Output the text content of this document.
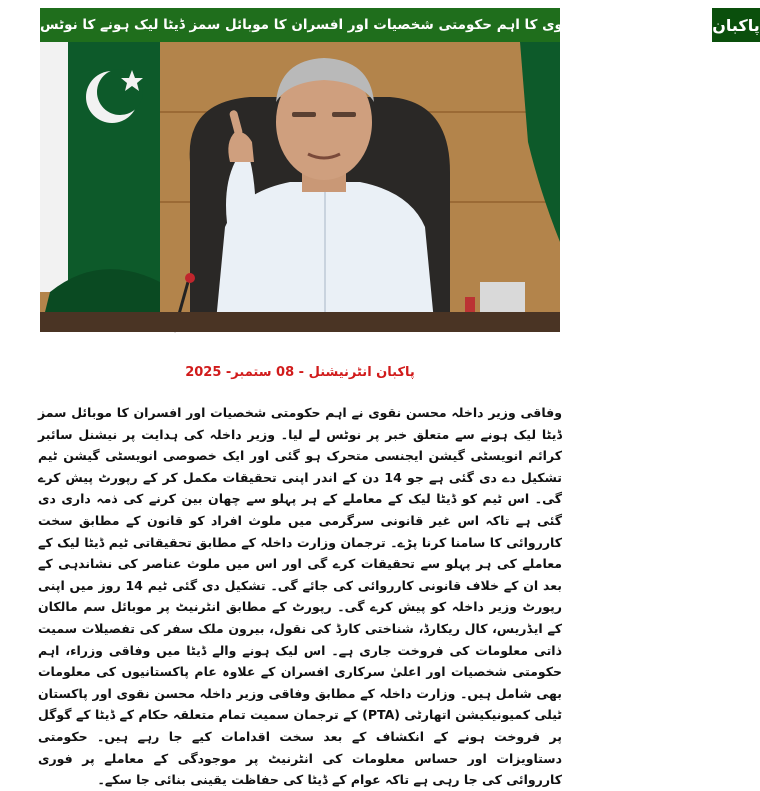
وزیر داخلہ محسن نقوی کا اہم حکومتی شخصیات اور افسران کا موبائل سمز ڈیٹا لیک ہونے کا نوٹس پاکبان
پاکبان انٹرنیشنل - 08 ستمبر- 2025
وفاقی وزیر داخلہ محسن نقوی نے اہم حکومتی شخصیات اور افسران کا موبائل سمز ڈیٹا لیک ہونے سے متعلق خبر پر نوٹس لے لیا۔ وزیر داخلہ کی ہدایت پر نیشنل سائبر کرائم انویسٹی گیشن ایجنسی متحرک ہو گئی اور ایک خصوصی انویسٹی گیشن ٹیم تشکیل دے دی گئی ہے جو 14 دن کے اندر اپنی تحقیقات مکمل کر کے رپورٹ پیش کرے گی۔ اس ٹیم کو ڈیٹا لیک کے معاملے کے ہر پہلو سے چھان بین کرنے کی ذمہ داری دی گئی ہے تاکہ اس غیر قانونی سرگرمی میں ملوث افراد کو قانون کے مطابق سخت کارروائی کا سامنا کرنا پڑے۔ ترجمان وزارت داخلہ کے مطابق تحقیقاتی ٹیم ڈیٹا لیک کے معاملے کی ہر پہلو سے تحقیقات کرے گی اور اس میں ملوث عناصر کی نشاندہی کے بعد ان کے خلاف قانونی کارروائی کی جائے گی۔ تشکیل دی گئی ٹیم 14 روز میں اپنی رپورٹ وزیر داخلہ کو پیش کرے گی۔ رپورٹ کے مطابق انٹرنیٹ پر موبائل سم مالکان کے ایڈریس، کال ریکارڈ، شناختی کارڈ کی نقول، بیرون ملک سفر کی تفصیلات سمیت ذاتی معلومات کی فروخت جاری ہے۔ اس لیک ہونے والے ڈیٹا میں وفاقی وزراء، اہم حکومتی شخصیات اور اعلیٰ سرکاری افسران کے علاوہ عام پاکستانیوں کی معلومات بھی شامل ہیں۔ وزارت داخلہ کے مطابق وفاقی وزیر داخلہ محسن نقوی اور پاکستان ٹیلی کمیونیکیشن اتھارٹی (PTA) کے ترجمان سمیت تمام متعلقہ حکام کے ڈیٹا کے گوگل پر فروخت ہونے کے انکشاف کے بعد سخت اقدامات کیے جا رہے ہیں۔ حکومتی دستاویزات اور حساس معلومات کی انٹرنیٹ پر موجودگی کے معاملے پر فوری کارروائی کی جا رہی ہے تاکہ عوام کے ڈیٹا کی حفاظت یقینی بنائی جا سکے۔
